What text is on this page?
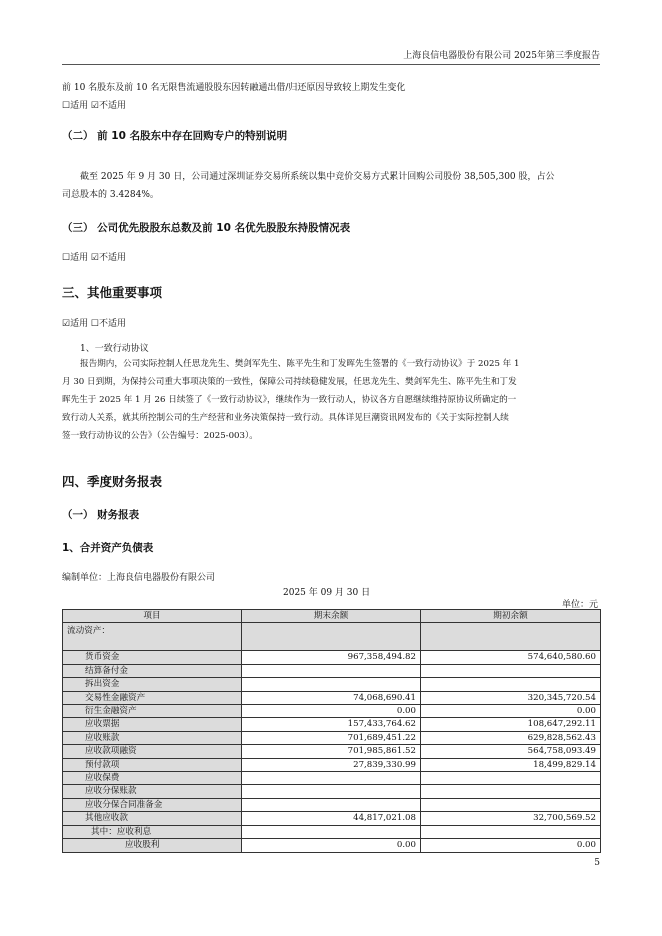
上海良信电器股份有限公司 2025年第三季度报告
前 10 名股东及前 10 名无限售流通股股东因转融通出借/归还原因导致较上期发生变化
☐适用 ☑不适用
（二） 前 10 名股东中存在回购专户的特别说明
截至 2025 年 9 月 30 日，公司通过深圳证券交易所系统以集中竞价交易方式累计回购公司股份 38,505,300 股，占公
司总股本的 3.4284%。
（三） 公司优先股股东总数及前 10 名优先股股东持股情况表
☐适用 ☑不适用
三、其他重要事项
☑适用 ☐不适用
1、一致行动协议
报告期内，公司实际控制人任思龙先生、樊剑军先生、陈平先生和丁发晖先生签署的《一致行动协议》于 2025 年 1
月 30 日到期，为保持公司重大事项决策的一致性，保障公司持续稳健发展，任思龙先生、樊剑军先生、陈平先生和丁发
晖先生于 2025 年 1 月 26 日续签了《一致行动协议》，继续作为一致行动人，协议各方自愿继续维持原协议所确定的一
致行动人关系，就其所控制公司的生产经营和业务决策保持一致行动。具体详见巨潮资讯网发布的《关于实际控制人续
签一致行动协议的公告》（公告编号：2025-003）。
四、季度财务报表
（一） 财务报表
1、合并资产负债表
编制单位：上海良信电器股份有限公司
2025 年 09 月 30 日
单位：元
项目	期末余额	期初余额
流动资产：		
货币资金	967,358,494.82	574,640,580.60
结算备付金		
拆出资金		
交易性金融资产	74,068,690.41	320,345,720.54
衍生金融资产	0.00	0.00
应收票据	157,433,764.62	108,647,292.11
应收账款	701,689,451.22	629,828,562.43
应收款项融资	701,985,861.52	564,758,093.49
预付款项	27,839,330.99	18,499,829.14
应收保费		
应收分保账款		
应收分保合同准备金		
其他应收款	44,817,021.08	32,700,569.52
其中：应收利息		
应收股利	0.00	0.00
5
